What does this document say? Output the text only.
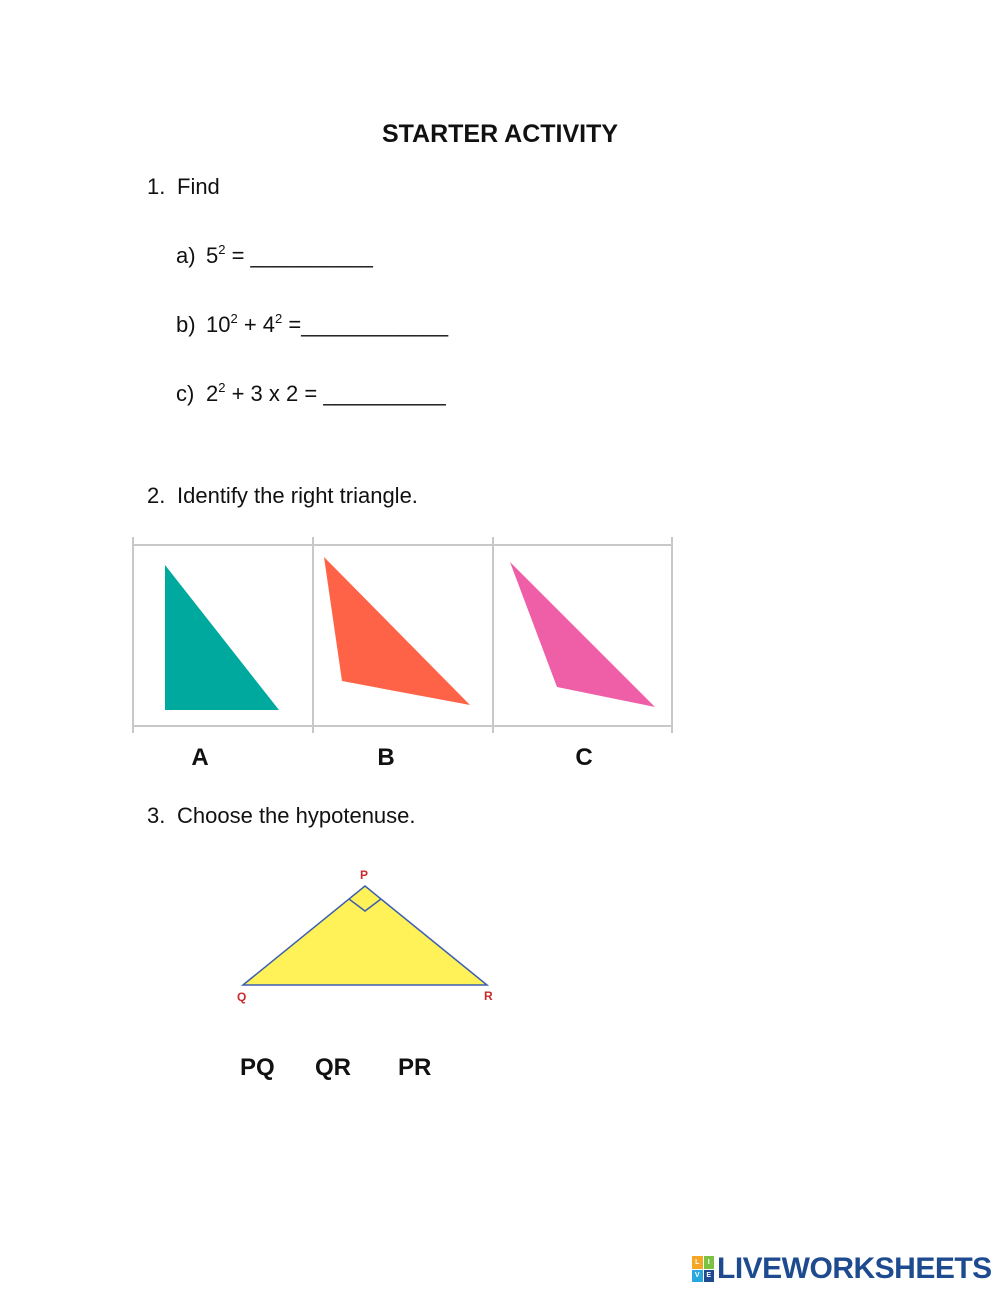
STARTER ACTIVITY
1. Find
a) $5^2$ = __________
b) $10^2 + 4^2$ =____________
c) $2^2 + 3$ x 2 = __________
2. Identify the right triangle.
A	B	C
3. Choose the hypotenuse.
P
Q	R
PQ QR PR
L	I
V E LIVEWORKSHEETS
